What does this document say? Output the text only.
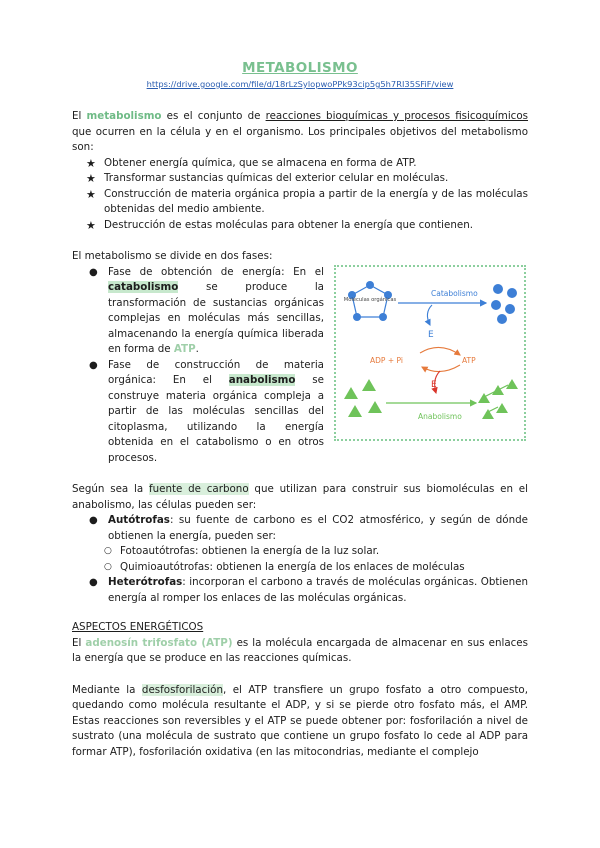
METABOLISMO
https://drive.google.com/file/d/18rLzSylopwoPPk93cip5g5h7RI35SFiF/view

El metabolismo es el conjunto de reacciones bioquímicas y procesos fisicoquímicos que ocurren en la célula y en el organismo. Los principales objetivos del metabolismo son:

★ Obtener energía química, que se almacena en forma de ATP.
★ Transformar sustancias químicas del exterior celular en moléculas.
★ Construcción de materia orgánica propia a partir de la energía y de las moléculas obtenidas del medio ambiente.
★ Destrucción de estas moléculas para obtener la energía que contienen.

El metabolismo se divide en dos fases:

● Fase de obtención de energía: En el catabolismo se produce la transformación de sustancias orgánicas complejas en moléculas más sencillas, almacenando la energía química liberada en forma de ATP.
● Fase de construcción de materia orgánica: En el anabolismo se construye materia orgánica compleja a partir de las moléculas sencillas del citoplasma, utilizando la energía obtenida en el catabolismo o en otros procesos.
Moléculas orgánicas
Catabolismo
E
ADP + Pi	ATP
E
Anabolismo

Según sea la fuente de carbono que utilizan para construir sus biomoléculas en el anabolismo, las células pueden ser:

● Autótrofas: su fuente de carbono es el CO2 atmosférico, y según de dónde obtienen la energía, pueden ser:
○ Fotoautótrofas: obtienen la energía de la luz solar.
○ Quimioautótrofas: obtienen la energía de los enlaces de moléculas
● Heterótrofas: incorporan el carbono a través de moléculas orgánicas. Obtienen energía al romper los enlaces de las moléculas orgánicas.
ASPECTOS ENERGÉTICOS

El adenosín trifosfato (ATP) es la molécula encargada de almacenar en sus enlaces la energía que se produce en las reacciones químicas.

Mediante la desfosforilación, el ATP transfiere un grupo fosfato a otro compuesto, quedando como molécula resultante el ADP, y si se pierde otro fosfato más, el AMP. Estas reacciones son reversibles y el ATP se puede obtener por: fosforilación a nivel de sustrato (una molécula de sustrato que contiene un grupo fosfato lo cede al ADP para formar ATP), fosforilación oxidativa (en las mitocondrias, mediante el complejo
